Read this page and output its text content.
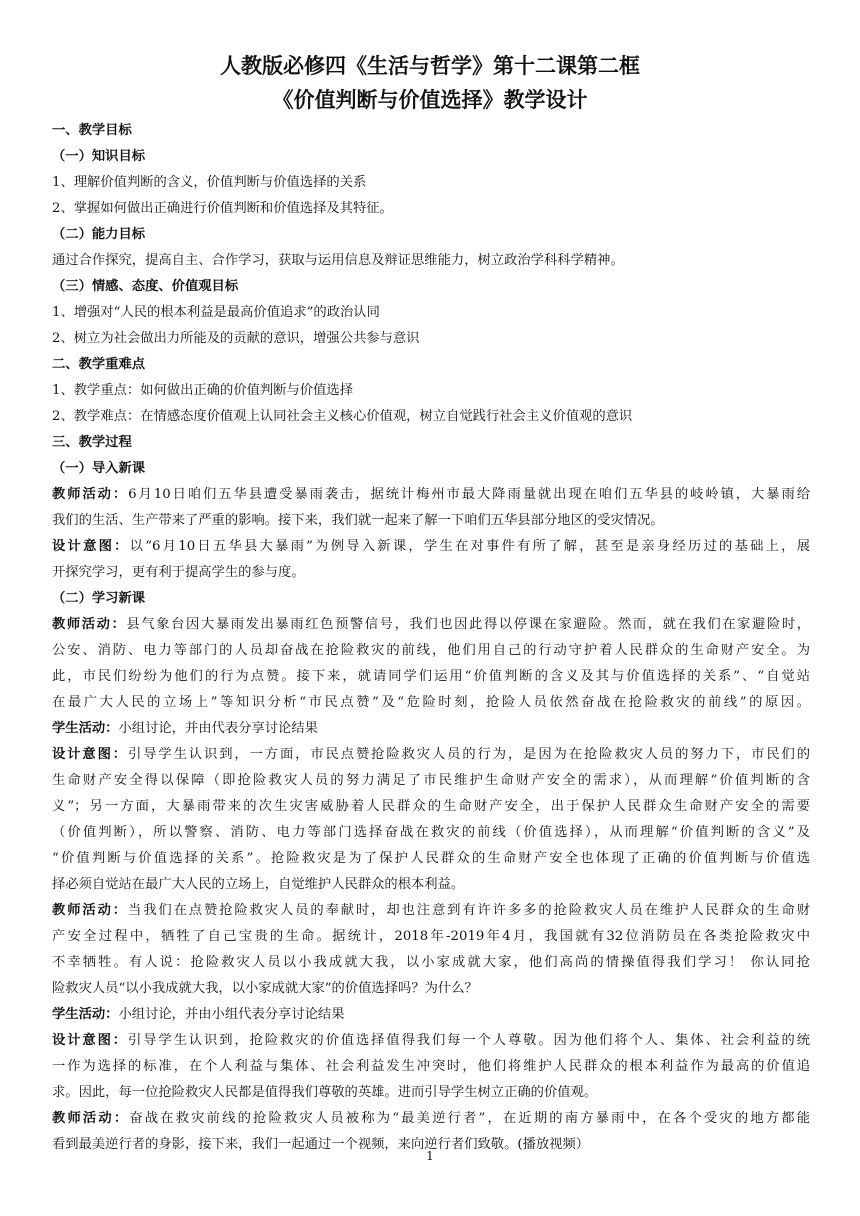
人教版必修四《生活与哲学》第十二课第二框
《价值判断与价值选择》教学设计
一、教学目标
（一）知识目标
1、理解价值判断的含义，价值判断与价值选择的关系
2、掌握如何做出正确进行价值判断和价值选择及其特征。
（二）能力目标
通过合作探究，提高自主、合作学习，获取与运用信息及辩证思维能力，树立政治学科科学精神。
（三）情感、态度、价值观目标
1、增强对“人民的根本利益是最高价值追求”的政治认同
2、树立为社会做出力所能及的贡献的意识，增强公共参与意识
二、教学重难点
1、教学重点：如何做出正确的价值判断与价值选择
2、教学难点：在情感态度价值观上认同社会主义核心价值观，树立自觉践行社会主义价值观的意识
三、教学过程
（一）导入新课
教师活动：6月10日咱们五华县遭受暴雨袭击，据统计梅州市最大降雨量就出现在咱们五华县的岐岭镇，大暴雨给
我们的生活、生产带来了严重的影响。接下来，我们就一起来了解一下咱们五华县部分地区的受灾情况。
设计意图：以“6月10日五华县大暴雨”为例导入新课，学生在对事件有所了解，甚至是亲身经历过的基础上，展
开探究学习，更有利于提高学生的参与度。
（二）学习新课
教师活动：县气象台因大暴雨发出暴雨红色预警信号，我们也因此得以停课在家避险。然而，就在我们在家避险时，
公安、消防、电力等部门的人员却奋战在抢险救灾的前线，他们用自己的行动守护着人民群众的生命财产安全。为
此，市民们纷纷为他们的行为点赞。接下来，就请同学们运用“价值判断的含义及其与价值选择的关系”、“自觉站
在最广大人民的立场上”等知识分析“市民点赞”及“危险时刻，抢险人员依然奋战在抢险救灾的前线”的原因。
学生活动：小组讨论，并由代表分享讨论结果
设计意图：引导学生认识到，一方面，市民点赞抢险救灾人员的行为，是因为在抢险救灾人员的努力下，市民们的
生命财产安全得以保障（即抢险救灾人员的努力满足了市民维护生命财产安全的需求），从而理解“价值判断的含
义”；另一方面，大暴雨带来的次生灾害威胁着人民群众的生命财产安全，出于保护人民群众生命财产安全的需要
（价值判断），所以警察、消防、电力等部门选择奋战在救灾的前线（价值选择），从而理解“价值判断的含义”及
“价值判断与价值选择的关系”。抢险救灾是为了保护人民群众的生命财产安全也体现了正确的价值判断与价值选
择必须自觉站在最广大人民的立场上，自觉维护人民群众的根本利益。
教师活动：当我们在点赞抢险救灾人员的奉献时，却也注意到有许许多多的抢险救灾人员在维护人民群众的生命财
产安全过程中，牺牲了自己宝贵的生命。据统计，2018年-2019年4月，我国就有32位消防员在各类抢险救灾中
不幸牺牲。有人说：抢险救灾人员以小我成就大我，以小家成就大家，他们高尚的情操值得我们学习！ 你认同抢
险救灾人员“以小我成就大我，以小家成就大家”的价值选择吗？为什么？
学生活动：小组讨论，并由小组代表分享讨论结果
设计意图：引导学生认识到，抢险救灾的价值选择值得我们每一个人尊敬。因为他们将个人、集体、社会利益的统
一作为选择的标准，在个人利益与集体、社会利益发生冲突时，他们将维护人民群众的根本利益作为最高的价值追
求。因此，每一位抢险救灾人民都是值得我们尊敬的英雄。进而引导学生树立正确的价值观。
教师活动：奋战在救灾前线的抢险救灾人员被称为“最美逆行者”，在近期的南方暴雨中，在各个受灾的地方都能
看到最美逆行者的身影，接下来，我们一起通过一个视频，来向逆行者们致敬。(播放视频）
1
